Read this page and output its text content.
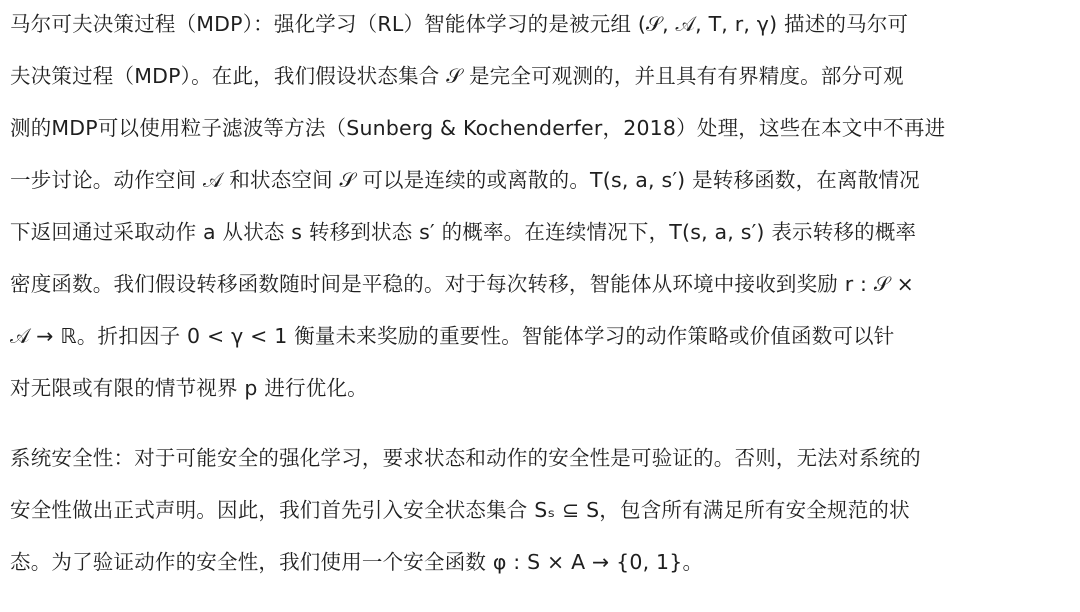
马尔可夫决策过程（MDP）：强化学习（RL）智能体学习的是被元组 (𝒮, 𝒜, T, r, γ) 描述的马尔可
夫决策过程（MDP）。在此，我们假设状态集合 𝒮 是完全可观测的，并且具有有界精度。部分可观
测的MDP可以使用粒子滤波等方法（Sunberg & Kochenderfer，2018）处理，这些在本文中不再进
一步讨论。动作空间 𝒜 和状态空间 𝒮 可以是连续的或离散的。T(s, a, s′) 是转移函数，在离散情况
下返回通过采取动作 a 从状态 s 转移到状态 s′ 的概率。在连续情况下，T(s, a, s′) 表示转移的概率
密度函数。我们假设转移函数随时间是平稳的。对于每次转移，智能体从环境中接收到奖励 r : 𝒮 ×
𝒜 → ℝ。折扣因子 0 < γ < 1 衡量未来奖励的重要性。智能体学习的动作策略或价值函数可以针
对无限或有限的情节视界 p 进行优化。
系统安全性：对于可能安全的强化学习，要求状态和动作的安全性是可验证的。否则，无法对系统的
安全性做出正式声明。因此，我们首先引入安全状态集合 Sₛ ⊆ S，包含所有满足所有安全规范的状
态。为了验证动作的安全性，我们使用一个安全函数 φ : S × A → {0, 1}。
